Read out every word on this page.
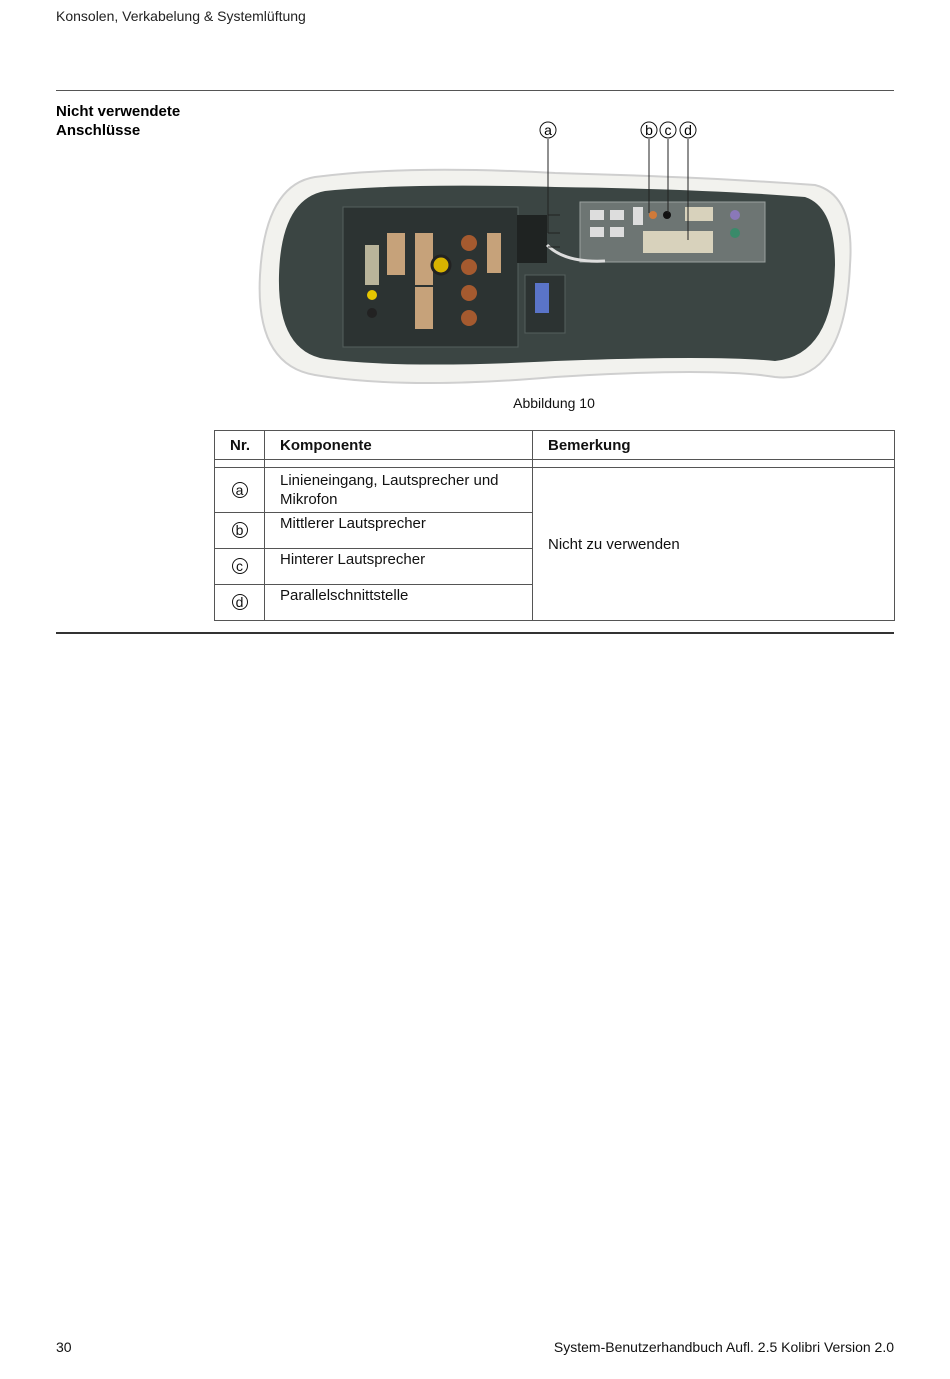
Konsolen, Verkabelung & Systemlüftung
Nicht verwendete Anschlüsse	a	b c d
Abbildung 10
Nr.	Komponente	Bemerkung

a	Linieneingang, Lautsprecher und Mikrofon	Nicht zu verwenden
b	Mittlerer Lautsprecher	
c	Hinterer Lautsprecher	
d	Parallelschnittstelle	
30	System-Benutzerhandbuch Aufl. 2.5 Kolibri Version 2.0
